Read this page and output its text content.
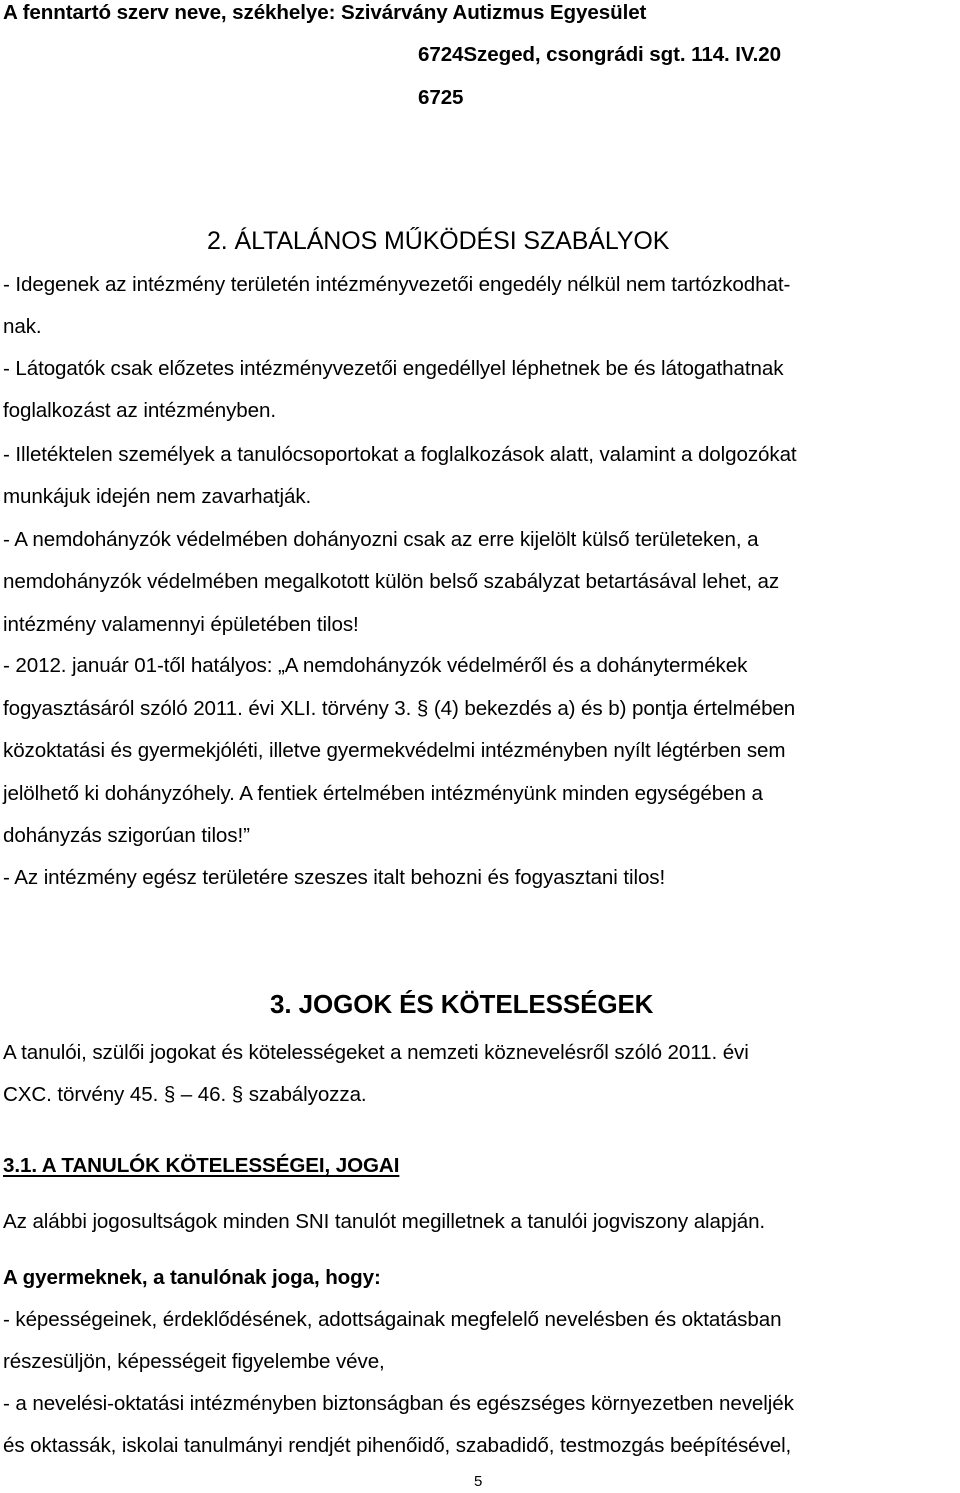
A fenntartó szerv neve, székhelye: Szivárvány Autizmus Egyesület
6724Szeged, csongrádi sgt. 114. IV.20
6725
2. ÁLTALÁNOS MŰKÖDÉSI SZABÁLYOK
- Idegenek az intézmény területén intézményvezetői engedély nélkül nem tartózkodhat-
nak.
- Látogatók csak előzetes intézményvezetői engedéllyel léphetnek be és látogathatnak
foglalkozást az intézményben.
- Illetéktelen személyek a tanulócsoportokat a foglalkozások alatt, valamint a dolgozókat
munkájuk idején nem zavarhatják.
- A nemdohányzók védelmében dohányozni csak az erre kijelölt külső területeken, a
nemdohányzók védelmében megalkotott külön belső szabályzat betartásával lehet, az
intézmény valamennyi épületében tilos!
- 2012. január 01-től hatályos: „A nemdohányzók védelméről és a dohánytermékek
fogyasztásáról szóló 2011. évi XLI. törvény 3. § (4) bekezdés a) és b) pontja értelmében
közoktatási és gyermekjóléti, illetve gyermekvédelmi intézményben nyílt légtérben sem
jelölhető ki dohányzóhely. A fentiek értelmében intézményünk minden egységében a
dohányzás szigorúan tilos!”
- Az intézmény egész területére szeszes italt behozni és fogyasztani tilos!
3. JOGOK ÉS KÖTELESSÉGEK
A tanulói, szülői jogokat és kötelességeket a nemzeti köznevelésről szóló 2011. évi
CXC. törvény 45. § – 46. § szabályozza.
3.1. A TANULÓK KÖTELESSÉGEI, JOGAI
Az alábbi jogosultságok minden SNI tanulót megilletnek a tanulói jogviszony alapján.
A gyermeknek, a tanulónak joga, hogy:
- képességeinek, érdeklődésének, adottságainak megfelelő nevelésben és oktatásban
részesüljön, képességeit figyelembe véve,
- a nevelési-oktatási intézményben biztonságban és egészséges környezetben neveljék
és oktassák, iskolai tanulmányi rendjét pihenőidő, szabadidő, testmozgás beépítésével,
5
